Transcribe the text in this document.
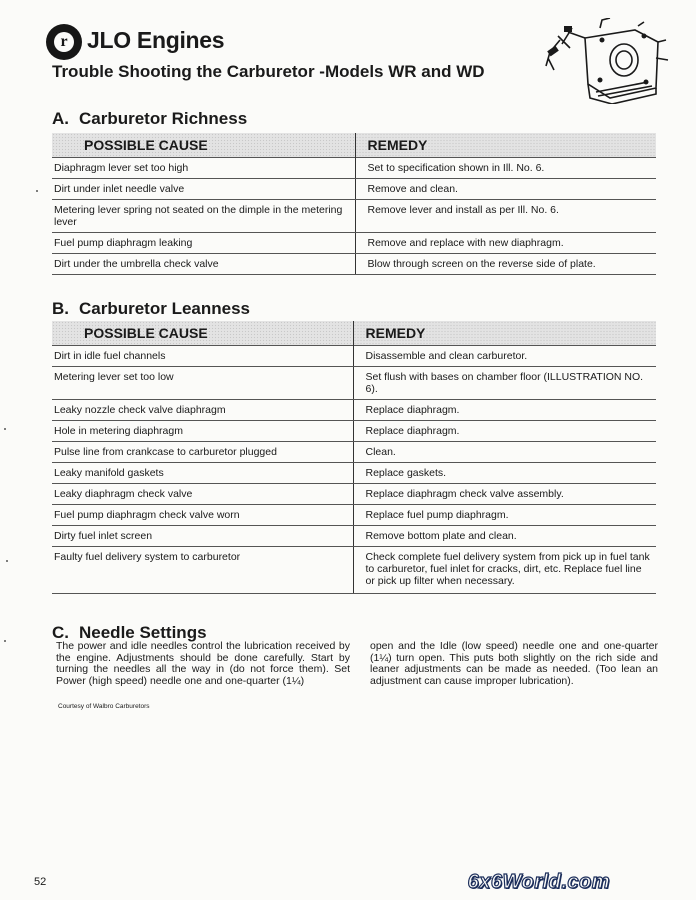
r JLO Engines
Trouble Shooting the Carburetor -Models WR and WD
A. Carburetor Richness
POSSIBLE CAUSE	REMEDY
Diaphragm lever set too high	Set to specification shown in Ill. No. 6.
Dirt under inlet needle valve	Remove and clean.
Metering lever spring not seated on the dimple in the metering lever	Remove lever and install as per Ill. No. 6.
Fuel pump diaphragm leaking	Remove and replace with new diaphragm.
Dirt under the umbrella check valve	Blow through screen on the reverse side of plate.
B. Carburetor Leanness
POSSIBLE CAUSE	REMEDY
Dirt in idle fuel channels	Disassemble and clean carburetor.
Metering lever set too low	Set flush with bases on chamber floor (ILLUSTRATION NO. 6).
Leaky nozzle check valve diaphragm	Replace diaphragm.
Hole in metering diaphragm	Replace diaphragm.
Pulse line from crankcase to carburetor plugged	Clean.
Leaky manifold gaskets	Replace gaskets.
Leaky diaphragm check valve	Replace diaphragm check valve assembly.
Fuel pump diaphragm check valve worn	Replace fuel pump diaphragm.
Dirty fuel inlet screen	Remove bottom plate and clean.
Faulty fuel delivery system to carburetor	Check complete fuel delivery system from pick up in fuel tank to carburetor, fuel inlet for cracks, dirt, etc. Replace fuel line or pick up filter when necessary.
C. Needle Settings
The power and idle needles control the lubrication received by the engine. Adjustments should be done carefully. Start by turning the needles all the way in (do not force them). Set Power (high speed) needle one and one-quarter (1¼)
open and the Idle (low speed) needle one and one-quarter (1¼) turn open. This puts both slightly on the rich side and leaner adjustments can be made as needed. (Too lean an adjustment can cause improper lubrication).
Courtesy of Walbro Carburetors
52	6x6World.com
